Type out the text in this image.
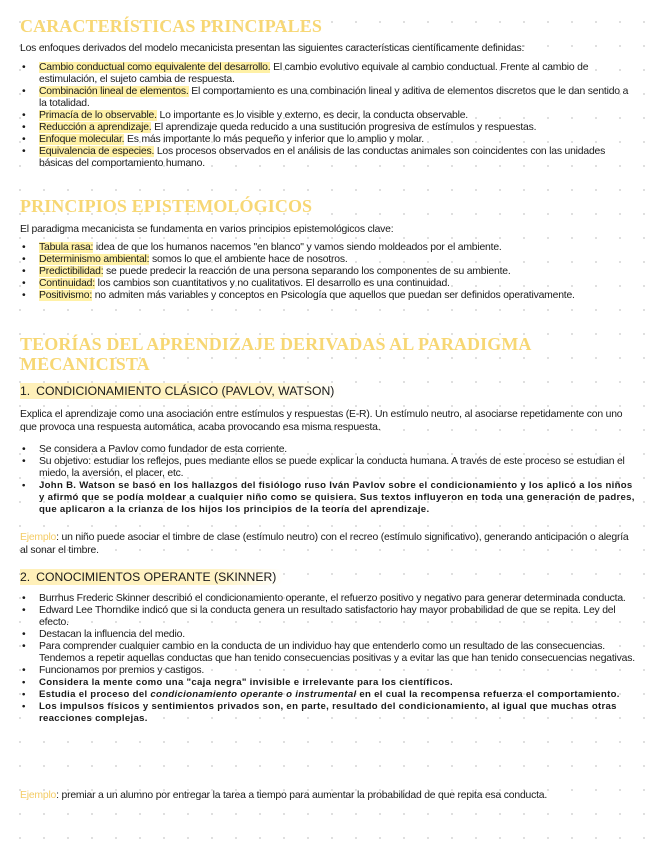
CARACTERÍSTICAS PRINCIPALES

Los enfoques derivados del modelo mecanicista presentan las siguientes características científicamente definidas:

• Cambio conductual como equivalente del desarrollo. El cambio evolutivo equivale al cambio conductual. Frente al cambio de estimulación, el sujeto cambia de respuesta.
• Combinación lineal de elementos. El comportamiento es una combinación lineal y aditiva de elementos discretos que le dan sentido a la totalidad.
• Primacía de lo observable. Lo importante es lo visible y externo, es decir, la conducta observable.
• Reducción a aprendizaje. El aprendizaje queda reducido a una sustitución progresiva de estímulos y respuestas.
• Enfoque molecular. Es más importante lo más pequeño y inferior que lo amplio y molar.
• Equivalencia de especies. Los procesos observados en el análisis de las conductas animales son coincidentes con las unidades básicas del comportamiento humano.
PRINCIPIOS EPISTEMOLÓGICOS

El paradigma mecanicista se fundamenta en varios principios epistemológicos clave:

• Tabula rasa: idea de que los humanos nacemos "en blanco" y vamos siendo moldeados por el ambiente.
• Determinismo ambiental: somos lo que el ambiente hace de nosotros.
• Predictibilidad: se puede predecir la reacción de una persona separando los componentes de su ambiente.
• Continuidad: los cambios son cuantitativos y no cualitativos. El desarrollo es una continuidad.
• Positivismo: no admiten más variables y conceptos en Psicología que aquellos que puedan ser definidos operativamente.
TEORÍAS DEL APRENDIZAJE DERIVADAS AL PARADIGMA
MECANICISTA
1. CONDICIONAMIENTO CLÁSICO (PAVLOV, WATSON)

Explica el aprendizaje como una asociación entre estímulos y respuestas (E-R). Un estímulo neutro, al asociarse repetidamente con uno que provoca una respuesta automática, acaba provocando esa misma respuesta.

• Se considera a Pavlov como fundador de esta corriente.
• Su objetivo: estudiar los reflejos, pues mediante ellos se puede explicar la conducta humana. A través de este proceso se estudian el miedo, la aversión, el placer, etc.
• John B. Watson se basó en los hallazgos del fisiólogo ruso Iván Pavlov sobre el condicionamiento y los aplicó a los niños y afirmó que se podía moldear a cualquier niño como se quisiera. Sus textos influyeron en toda una generación de padres, que aplicaron a la crianza de los hijos los principios de la teoría del aprendizaje.

Ejemplo: un niño puede asociar el timbre de clase (estímulo neutro) con el recreo (estímulo significativo), generando anticipación o alegría al sonar el timbre.

2. CONOCIMIENTOS OPERANTE (SKINNER)
• Burrhus Frederic Skinner describió el condicionamiento operante, el refuerzo positivo y negativo para generar determinada conducta.
• Edward Lee Thorndike indicó que si la conducta genera un resultado satisfactorio hay mayor probabilidad de que se repita. Ley del efecto.
• Destacan la influencia del medio.
• Para comprender cualquier cambio en la conducta de un individuo hay que entenderlo como un resultado de las consecuencias. Tendemos a repetir aquellas conductas que han tenido consecuencias positivas y a evitar las que han tenido consecuencias negativas.
• Funcionamos por premios y castigos.
• Considera la mente como una "caja negra" invisible e irrelevante para los científicos.
• Estudia el proceso del condicionamiento operante o instrumental en el cual la recompensa refuerza el comportamiento.
• Los impulsos físicos y sentimientos privados son, en parte, resultado del condicionamiento, al igual que muchas otras reacciones complejas.

Ejemplo: premiar a un alumno por entregar la tarea a tiempo para aumentar la probabilidad de que repita esa conducta.
